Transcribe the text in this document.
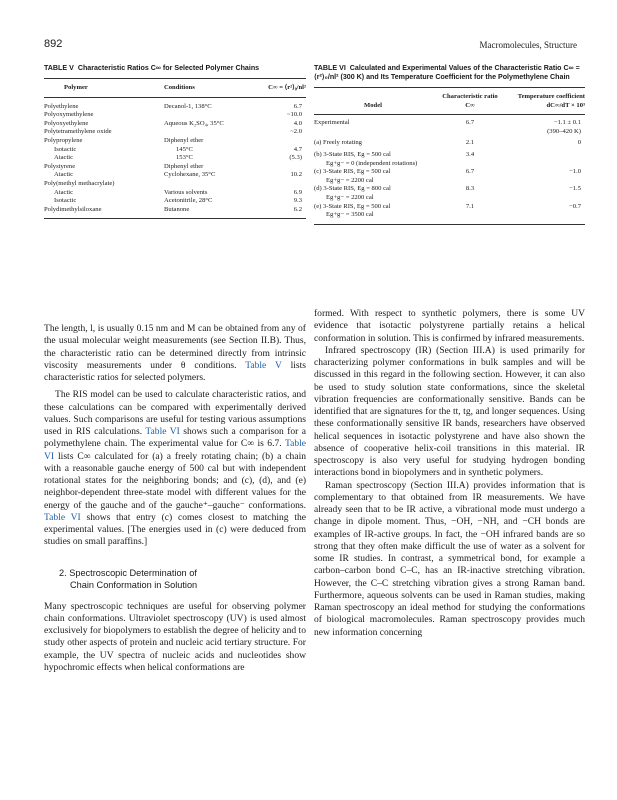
892	Macromolecules, Structure
TABLE V Characteristic Ratios C∞ for Selected Polymer Chains

Polymer	Conditions	C∞ = ⟨r²⟩₀/nl²

Polyethylene	Decanol-1, 138°C	6.7
Polyoxymethylene		~10.0
Polyoxyethylene	Aqueous K₂SO₄, 35°C	4.0
Polytetramethylene oxide		~2.0
Polypropylene	Diphenyl ether	
Isotactic	145°C	4.7
Atactic	153°C	(5.3)
Polystyrene	Diphenyl ether	
Atactic	Cyclohexane, 35°C	10.2
Poly(methyl methacrylate)		
Atactic	Various solvents	6.9
Isotactic	Acetonitrile, 28°C	9.3
Polydimethylsiloxane	Butanone	6.2

TABLE VI Calculated and Experimental Values of the Characteristic Ratio C∞ = ⟨r²⟩₀/nl² (300 K) and Its Temperature Coefficient for the Polymethylene Chain

Model	Characteristic ratio C∞	Temperature coefficient dC∞/dT × 10³

Experimental	6.7	−1.1 ± 0.1
(390–420 K)

(a) Freely rotating	2.1	0

(b) 3-State RIS, Eg = 500 cal	3.4	

Eg+g− = 0 (independent rotations)		

(c) 3-State RIS, Eg = 500 cal	6.7	−1.0

Eg+g− = 2200 cal		

(d) 3-State RIS, Eg = 800 cal	8.3	−1.5

Eg+g− = 2200 cal		

(e) 3-State RIS, Eg = 500 cal	7.1	−0.7

Eg+g− = 3500 cal		

The length, l, is usually 0.15 nm and M can be obtained from any of the usual molecular weight measurements (see Section II.B). Thus, the characteristic ratio can be determined directly from intrinsic viscosity measurements under θ conditions. Table V lists characteristic ratios for selected polymers.

The RIS model can be used to calculate characteristic ratios, and these calculations can be compared with experimentally derived values. Such comparisons are useful for testing various assumptions used in RIS calculations. Table VI shows such a comparison for a polymethylene chain. The experimental value for C∞ is 6.7. Table VI lists C∞ calculated for (a) a freely rotating chain; (b) a chain with a reasonable gauche energy of 500 cal but with independent rotational states for the neighboring bonds; and (c), (d), and (e) neighbor-dependent three-state model with different values for the energy of the gauche and of the gauche⁺–gauche⁻ conformations. Table VI shows that entry (c) comes closest to matching the experimental values. [The energies used in (c) were deduced from studies on small paraffins.]

2. Spectroscopic Determination of
Chain Conformation in Solution

Many spectroscopic techniques are useful for observing polymer chain conformations. Ultraviolet spectroscopy (UV) is used almost exclusively for biopolymers to establish the degree of helicity and to study other aspects of protein and nucleic acid tertiary structure. For example, the UV spectra of nucleic acids and nucleotides show hypochromic effects when helical conformations are

formed. With respect to synthetic polymers, there is some UV evidence that isotactic polystyrene partially retains a helical conformation in solution. This is confirmed by infrared measurements.

Infrared spectroscopy (IR) (Section III.A) is used primarily for characterizing polymer conformations in bulk samples and will be discussed in this regard in the following section. However, it can also be used to study solution state conformations, since the skeletal vibration frequencies are conformationally sensitive. Bands can be identified that are signatures for the tt, tg, and longer sequences. Using these conformationally sensitive IR bands, researchers have observed helical sequences in isotactic polystyrene and have also shown the absence of cooperative helix-coil transitions in this material. IR spectroscopy is also very useful for studying hydrogen bonding interactions bond in biopolymers and in synthetic polymers.

Raman spectroscopy (Section III.A) provides information that is complementary to that obtained from IR measurements. We have already seen that to be IR active, a vibrational mode must undergo a change in dipole moment. Thus, −OH, −NH, and −CH bonds are examples of IR-active groups. In fact, the −OH infrared bands are so strong that they often make difficult the use of water as a solvent for some IR studies. In contrast, a symmetrical bond, for example a carbon–carbon bond C–C, has an IR-inactive stretching vibration. However, the C–C stretching vibration gives a strong Raman band. Furthermore, aqueous solvents can be used in Raman studies, making Raman spectroscopy an ideal method for studying the conformations of biological macromolecules. Raman spectroscopy provides much new information concerning
